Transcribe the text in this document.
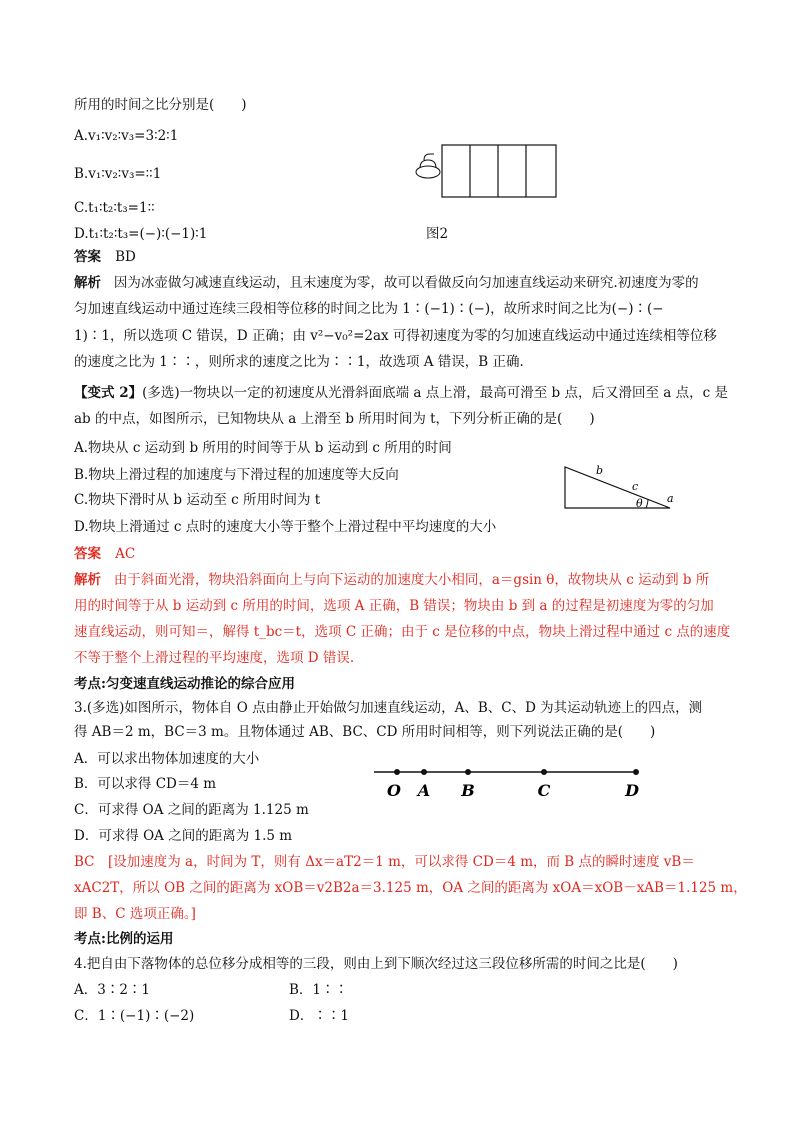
所用的时间之比分别是(　　)
A.v₁∶v₂∶v₃=3∶2∶1
B.v₁∶v₂∶v₃=∶∶1
C.t₁∶t₂∶t₃=1∶∶
D.t₁∶t₂∶t₃=(−)∶(−1)∶1	图2
答案 BD
解析 因为冰壶做匀减速直线运动，且末速度为零，故可以看做反向匀加速直线运动来研究.初速度为零的
匀加速直线运动中通过连续三段相等位移的时间之比为 1∶(−1)∶(−)，故所求时间之比为(−)∶(−
1)∶1，所以选项 C 错误，D 正确；由 v²−v₀²=2ax 可得初速度为零的匀加速直线运动中通过连续相等位移
的速度之比为 1∶∶，则所求的速度之比为∶∶1，故选项 A 错误，B 正确.
【变式 2】(多选)一物块以一定的初速度从光滑斜面底端 a 点上滑，最高可滑至 b 点，后又滑回至 a 点，c 是
ab 的中点，如图所示，已知物块从 a 上滑至 b 所用时间为 t，下列分析正确的是(　　)
A.物块从 c 运动到 b 所用的时间等于从 b 运动到 c 所用的时间
B.物块上滑过程的加速度与下滑过程的加速度等大反向
C.物块下滑时从 b 运动至 c 所用时间为 t
D.物块上滑通过 c 点时的速度大小等于整个上滑过程中平均速度的大小
b
c
a
θ
答案 AC
解析 由于斜面光滑，物块沿斜面向上与向下运动的加速度大小相同，a＝gsin θ，故物块从 c 运动到 b 所
用的时间等于从 b 运动到 c 所用的时间，选项 A 正确，B 错误；物块由 b 到 a 的过程是初速度为零的匀加
速直线运动，则可知＝，解得 t_bc＝t，选项 C 正确；由于 c 是位移的中点，物块上滑过程中通过 c 点的速度
不等于整个上滑过程的平均速度，选项 D 错误.
考点:匀变速直线运动推论的综合应用
3.(多选)如图所示，物体自 O 点由静止开始做匀加速直线运动，A、B、C、D 为其运动轨迹上的四点，测
得 AB＝2 m，BC＝3 m。且物体通过 AB、BC、CD 所用时间相等，则下列说法正确的是(　　)
A．可以求出物体加速度的大小
B．可以求得 CD＝4 m
C．可求得 OA 之间的距离为 1.125 m
D．可求得 OA 之间的距离为 1.5 m
O A B	C	D
BC　[设加速度为 a，时间为 T，则有 Δx＝aT2＝1 m，可以求得 CD＝4 m，而 B 点的瞬时速度 vB＝
xAC2T，所以 OB 之间的距离为 xOB＝v2B2a＝3.125 m，OA 之间的距离为 xOA＝xOB－xAB＝1.125 m，
即 B、C 选项正确。]
考点:比例的运用
4.把自由下落物体的总位移分成相等的三段，则由上到下顺次经过这三段位移所需的时间之比是(　　)
A．3∶2∶1	B．1∶∶
C．1∶(−1)∶(−2)	D．∶∶1
